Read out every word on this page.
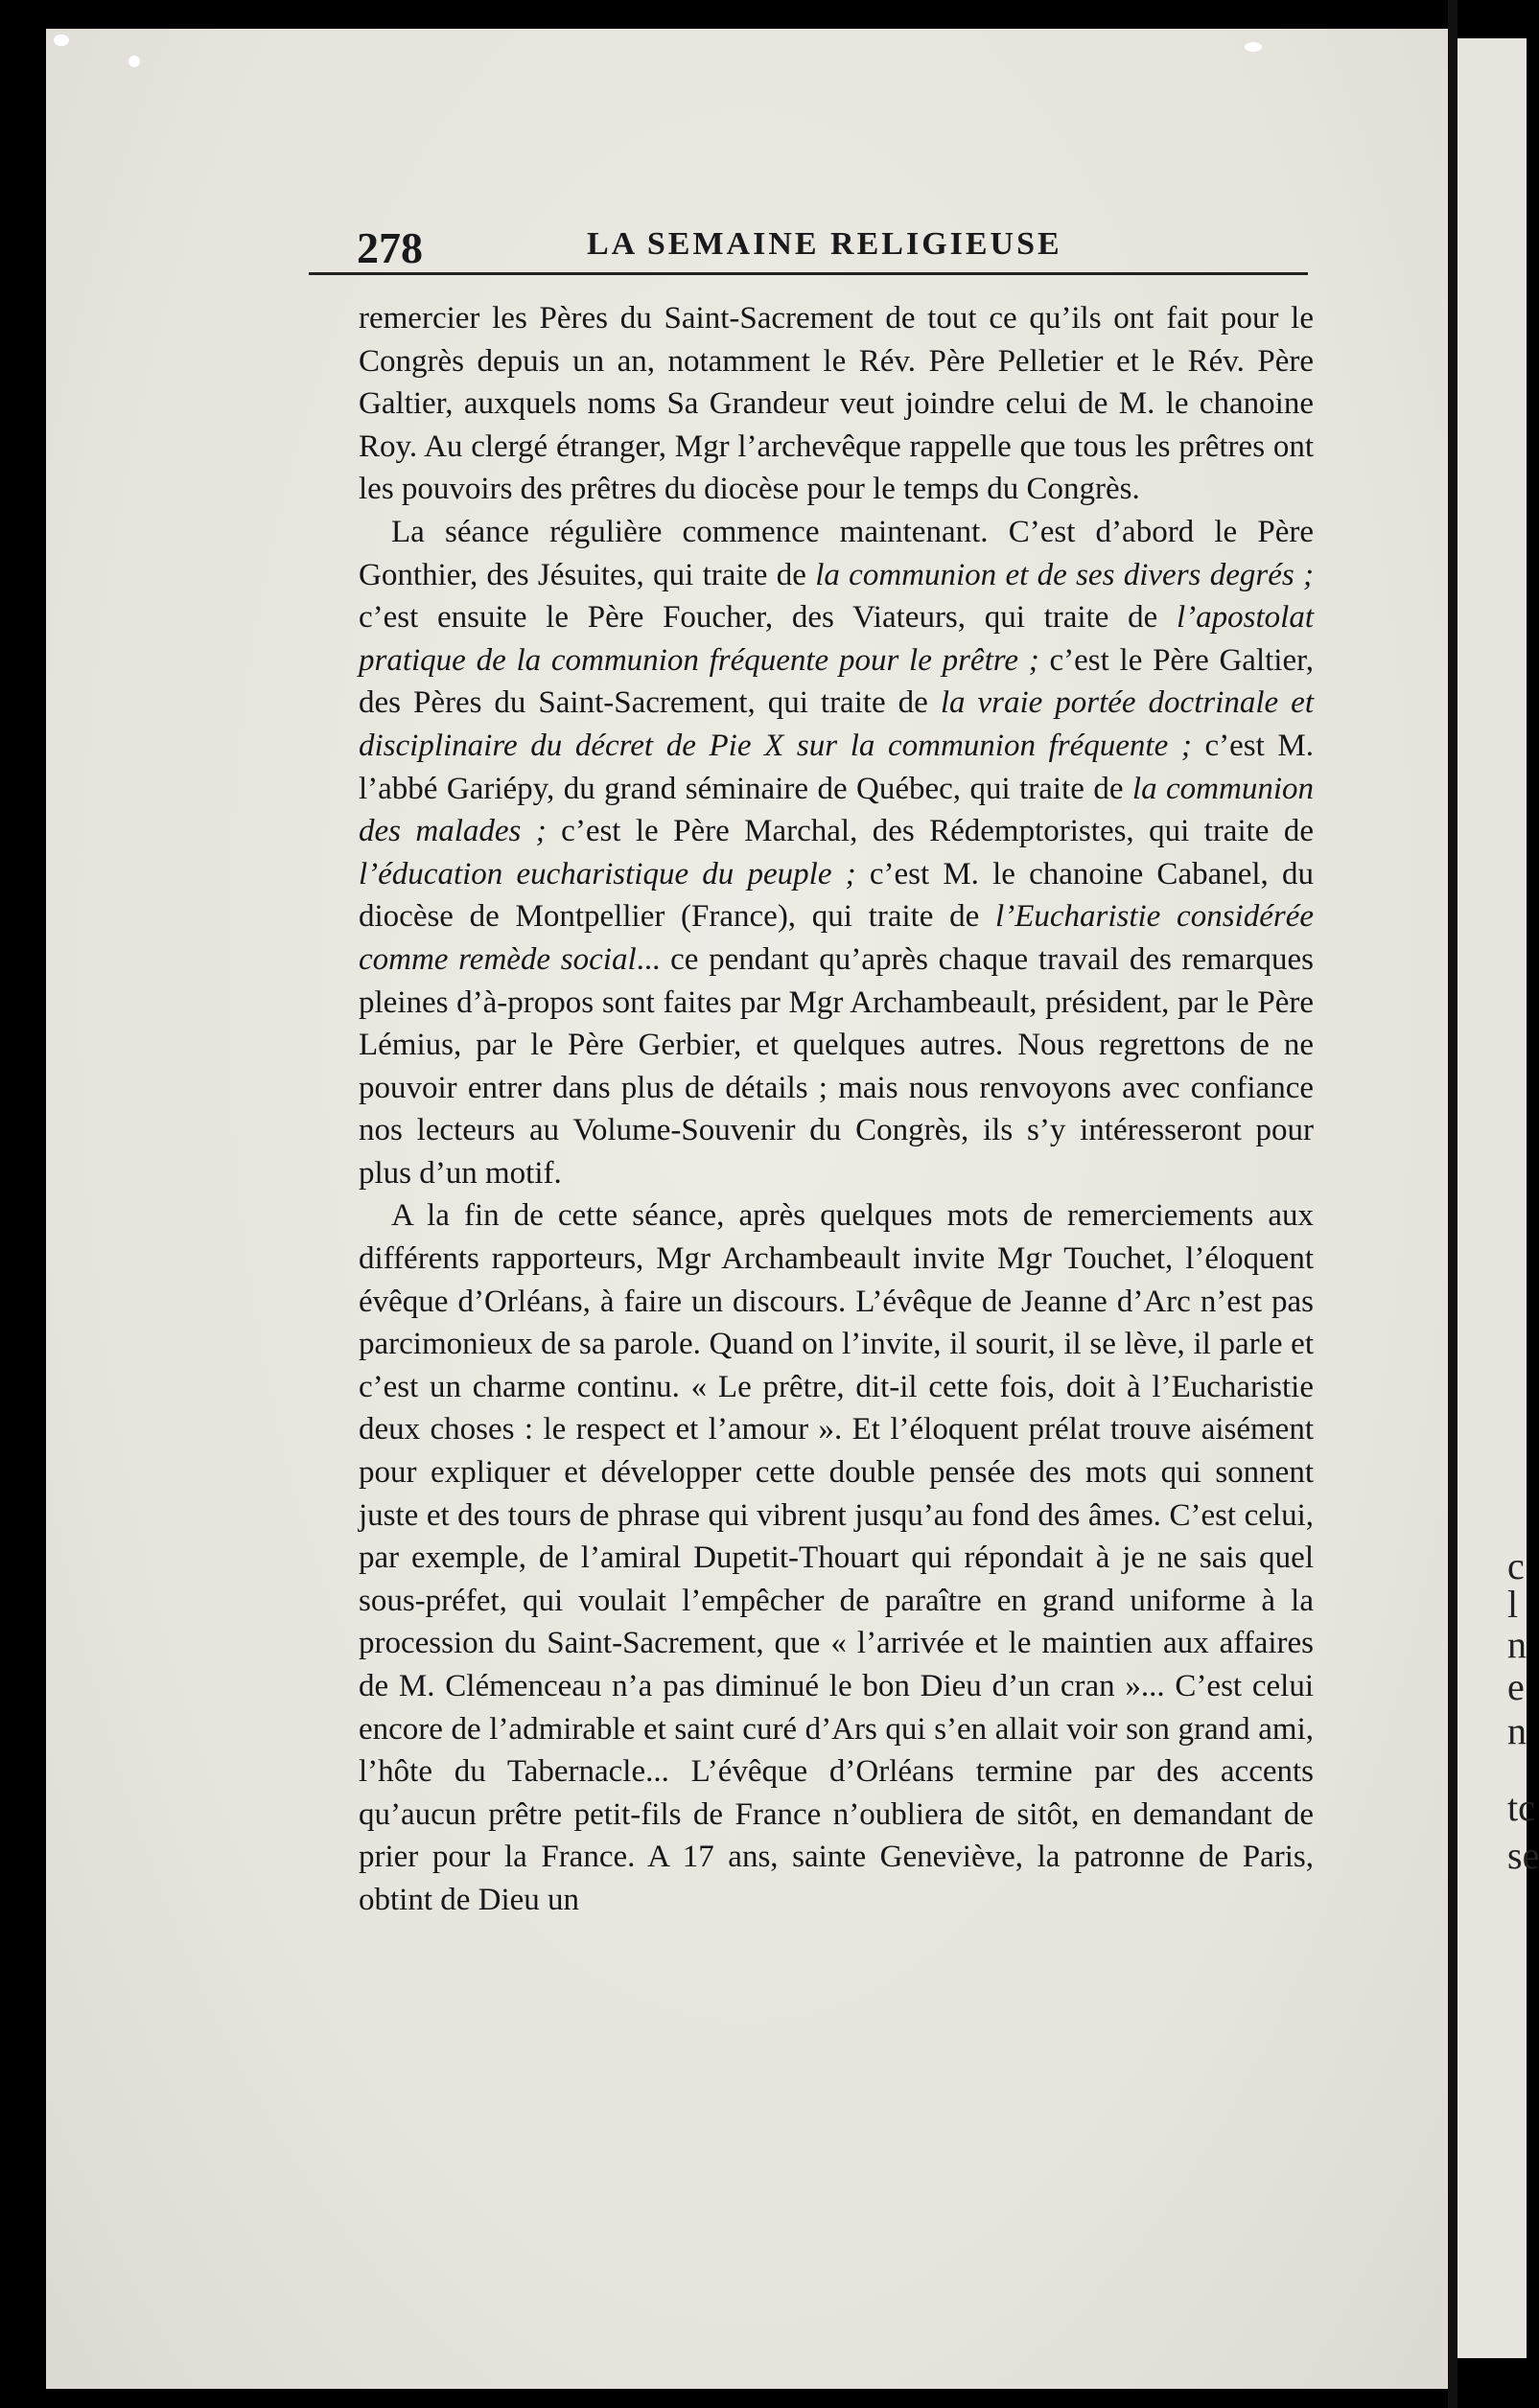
c
l
n
e
n
tc
se
278	LA SEMAINE RELIGIEUSE

remercier les Pères du Saint-Sacrement de tout ce qu’ils ont fait pour le Congrès depuis un an, notamment le Rév. Père Pelletier et le Rév. Père Galtier, auxquels noms Sa Grandeur veut joindre celui de M. le chanoine Roy. Au clergé étranger, Mgr l’archevêque rappelle que tous les prêtres ont les pouvoirs des prêtres du diocèse pour le temps du Congrès.

La séance régulière commence maintenant. C’est d’abord le Père Gonthier, des Jésuites, qui traite de la communion et de ses divers degrés ; c’est ensuite le Père Foucher, des Viateurs, qui traite de l’apostolat pratique de la communion fréquente pour le prêtre ; c’est le Père Galtier, des Pères du Saint-Sacrement, qui traite de la vraie portée doctrinale et disciplinaire du décret de Pie X sur la communion fréquente ; c’est M. l’abbé Gariépy, du grand séminaire de Québec, qui traite de la communion des malades ; c’est le Père Marchal, des Rédemptoristes, qui traite de l’éducation eucharistique du peuple ; c’est M. le chanoine Cabanel, du diocèse de Montpellier (France), qui traite de l’Eucharistie considérée comme remède social... ce pendant qu’après chaque travail des remarques pleines d’à-propos sont faites par Mgr Archambeault, président, par le Père Lémius, par le Père Gerbier, et quelques autres. Nous regrettons de ne pouvoir entrer dans plus de détails ; mais nous renvoyons avec confiance nos lecteurs au Volume-Souvenir du Congrès, ils s’y intéresseront pour plus d’un motif.

A la fin de cette séance, après quelques mots de remerciements aux différents rapporteurs, Mgr Archambeault invite Mgr Touchet, l’éloquent évêque d’Orléans, à faire un discours. L’évêque de Jeanne d’Arc n’est pas parcimonieux de sa parole. Quand on l’invite, il sourit, il se lève, il parle et c’est un charme continu. « Le prêtre, dit-il cette fois, doit à l’Eucharistie deux choses : le respect et l’amour ». Et l’éloquent prélat trouve aisément pour expliquer et développer cette double pensée des mots qui sonnent juste et des tours de phrase qui vibrent jusqu’au fond des âmes. C’est celui, par exemple, de l’amiral Dupetit-Thouart qui répondait à je ne sais quel sous-préfet, qui voulait l’empêcher de paraître en grand uniforme à la procession du Saint-Sacrement, que « l’arrivée et le maintien aux affaires de M. Clémenceau n’a pas diminué le bon Dieu d’un cran »... C’est celui encore de l’admirable et saint curé d’Ars qui s’en allait voir son grand ami, l’hôte du Tabernacle... L’évêque d’Orléans termine par des accents qu’aucun prêtre petit-fils de France n’oubliera de sitôt, en demandant de prier pour la France. A 17 ans, sainte Geneviève, la patronne de Paris, obtint de Dieu un
